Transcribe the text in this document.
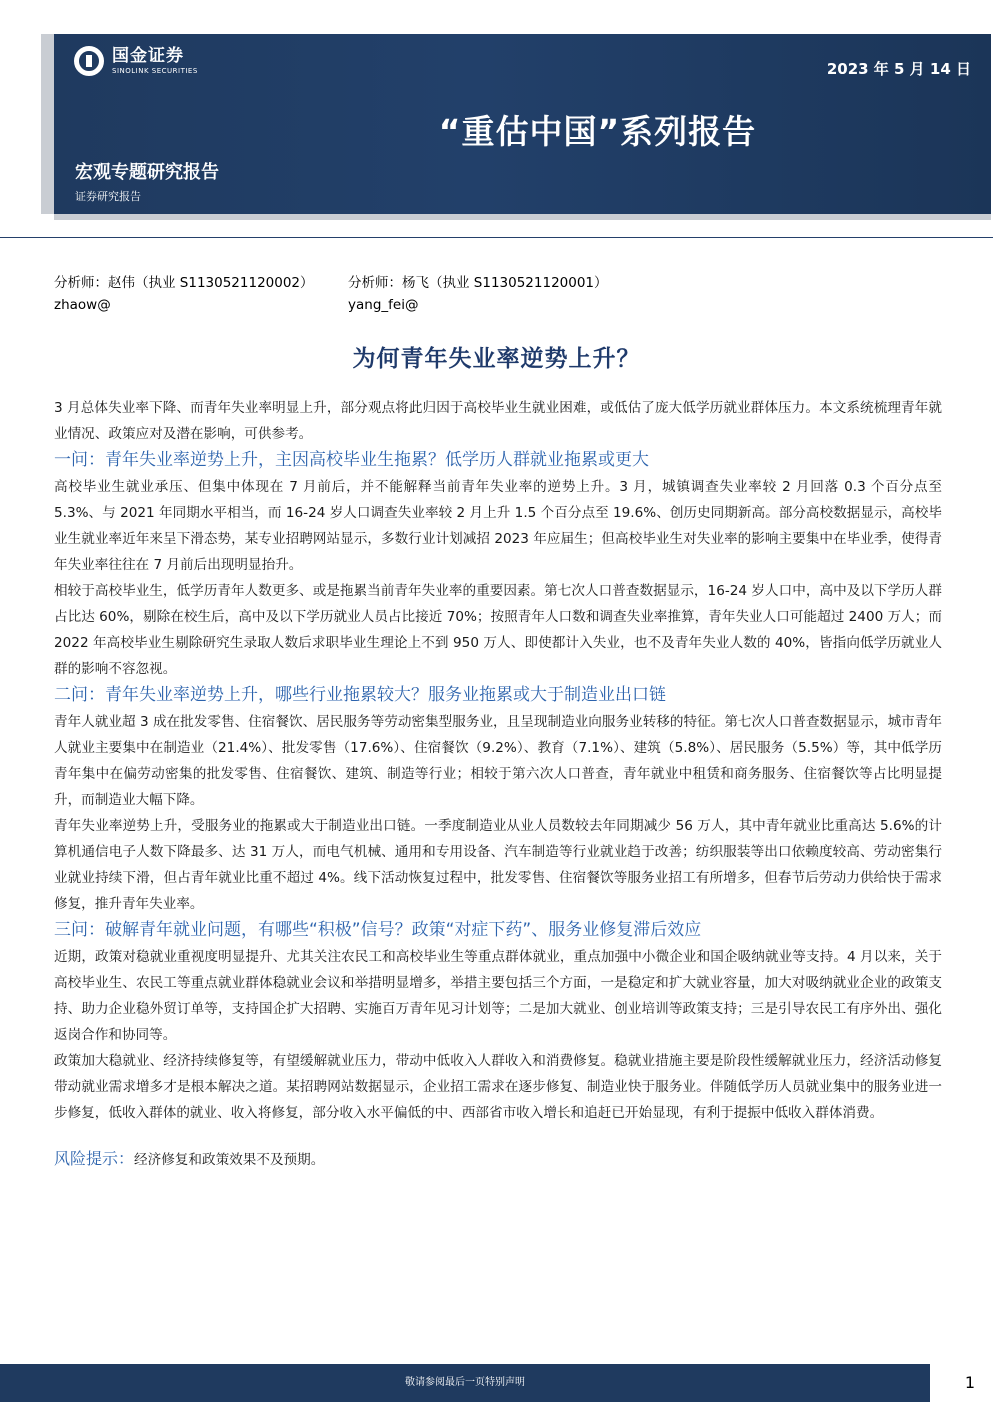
国金证券
SINOLINK SECURITIES	2023 年 5 月 14 日
“重估中国”系列报告
宏观专题研究报告
证券研究报告
分析师：赵伟（执业 S1130521120002）
zhaow@
分析师：杨飞（执业 S1130521120001）
yang_fei@
为何青年失业率逆势上升？

3 月总体失业率下降、而青年失业率明显上升，部分观点将此归因于高校毕业生就业困难，或低估了庞大低学历就业群体压力。本文系统梳理青年就业情况、政策应对及潜在影响，可供参考。

一问：青年失业率逆势上升，主因高校毕业生拖累？低学历人群就业拖累或更大

高校毕业生就业承压、但集中体现在 7 月前后，并不能解释当前青年失业率的逆势上升。3 月，城镇调查失业率较 2 月回落 0.3 个百分点至 5.3%、与 2021 年同期水平相当，而 16-24 岁人口调查失业率较 2 月上升 1.5 个百分点至 19.6%、创历史同期新高。部分高校数据显示，高校毕业生就业率近年来呈下滑态势，某专业招聘网站显示，多数行业计划减招 2023 年应届生；但高校毕业生对失业率的影响主要集中在毕业季，使得青年失业率往往在 7 月前后出现明显抬升。

相较于高校毕业生，低学历青年人数更多、或是拖累当前青年失业率的重要因素。第七次人口普查数据显示，16-24 岁人口中，高中及以下学历人群占比达 60%，剔除在校生后，高中及以下学历就业人员占比接近 70%；按照青年人口数和调查失业率推算，青年失业人口可能超过 2400 万人；而 2022 年高校毕业生剔除研究生录取人数后求职毕业生理论上不到 950 万人、即使都计入失业，也不及青年失业人数的 40%，皆指向低学历就业人群的影响不容忽视。

二问：青年失业率逆势上升，哪些行业拖累较大？服务业拖累或大于制造业出口链

青年人就业超 3 成在批发零售、住宿餐饮、居民服务等劳动密集型服务业，且呈现制造业向服务业转移的特征。第七次人口普查数据显示，城市青年人就业主要集中在制造业（21.4%）、批发零售（17.6%）、住宿餐饮（9.2%）、教育（7.1%）、建筑（5.8%）、居民服务（5.5%）等，其中低学历青年集中在偏劳动密集的批发零售、住宿餐饮、建筑、制造等行业；相较于第六次人口普查，青年就业中租赁和商务服务、住宿餐饮等占比明显提升，而制造业大幅下降。

青年失业率逆势上升，受服务业的拖累或大于制造业出口链。一季度制造业从业人员数较去年同期减少 56 万人，其中青年就业比重高达 5.6%的计算机通信电子人数下降最多、达 31 万人，而电气机械、通用和专用设备、汽车制造等行业就业趋于改善；纺织服装等出口依赖度较高、劳动密集行业就业持续下滑，但占青年就业比重不超过 4%。线下活动恢复过程中，批发零售、住宿餐饮等服务业招工有所增多，但春节后劳动力供给快于需求修复，推升青年失业率。

三问：破解青年就业问题，有哪些“积极”信号？政策“对症下药”、服务业修复滞后效应

近期，政策对稳就业重视度明显提升、尤其关注农民工和高校毕业生等重点群体就业，重点加强中小微企业和国企吸纳就业等支持。4 月以来，关于高校毕业生、农民工等重点就业群体稳就业会议和举措明显增多，举措主要包括三个方面，一是稳定和扩大就业容量，加大对吸纳就业企业的政策支持、助力企业稳外贸订单等，支持国企扩大招聘、实施百万青年见习计划等；二是加大就业、创业培训等政策支持；三是引导农民工有序外出、强化返岗合作和协同等。

政策加大稳就业、经济持续修复等，有望缓解就业压力，带动中低收入人群收入和消费修复。稳就业措施主要是阶段性缓解就业压力，经济活动修复带动就业需求增多才是根本解决之道。某招聘网站数据显示，企业招工需求在逐步修复、制造业快于服务业。伴随低学历人员就业集中的服务业进一步修复，低收入群体的就业、收入将修复，部分收入水平偏低的中、西部省市收入增长和追赶已开始显现，有利于提振中低收入群体消费。

风险提示：经济修复和政策效果不及预期。
敬请参阅最后一页特别声明	1
